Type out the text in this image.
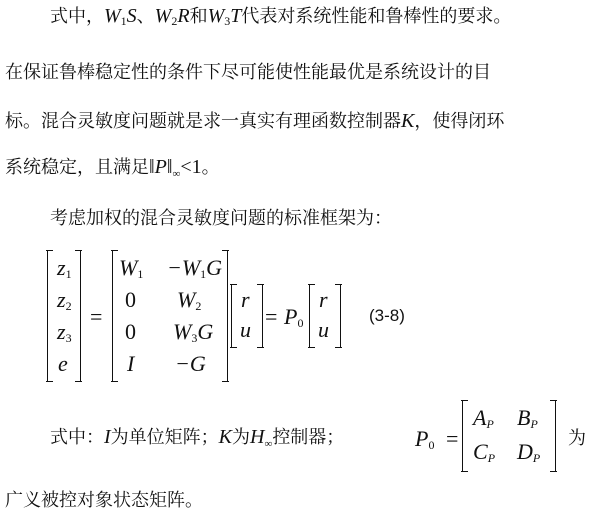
式中，$W_1S$、$W_2R$和$W_3T$代表对系统性能和鲁棒性的要求。
在保证鲁棒稳定性的条件下尽可能使性能最优是系统设计的目
标。混合灵敏度问题就是求一真实有理函数控制器K，使得闭环
系统稳定，且满足$‖P‖_\infty<1$。
考虑加权的混合灵敏度问题的标准框架为：
$z_1$
$z_2$
$z_3$
e
=
$W_1 -W_1G$
0 $W_2$
0 $W_3G$
I −G
r
u
= $P_0$
r
u
(3-8)
式中：I为单位矩阵；K为$H_\infty$控制器；	$P_0$ =
$A_P$ $B_P$
$C_P$ $D_P$
为
广义被控对象状态矩阵。
